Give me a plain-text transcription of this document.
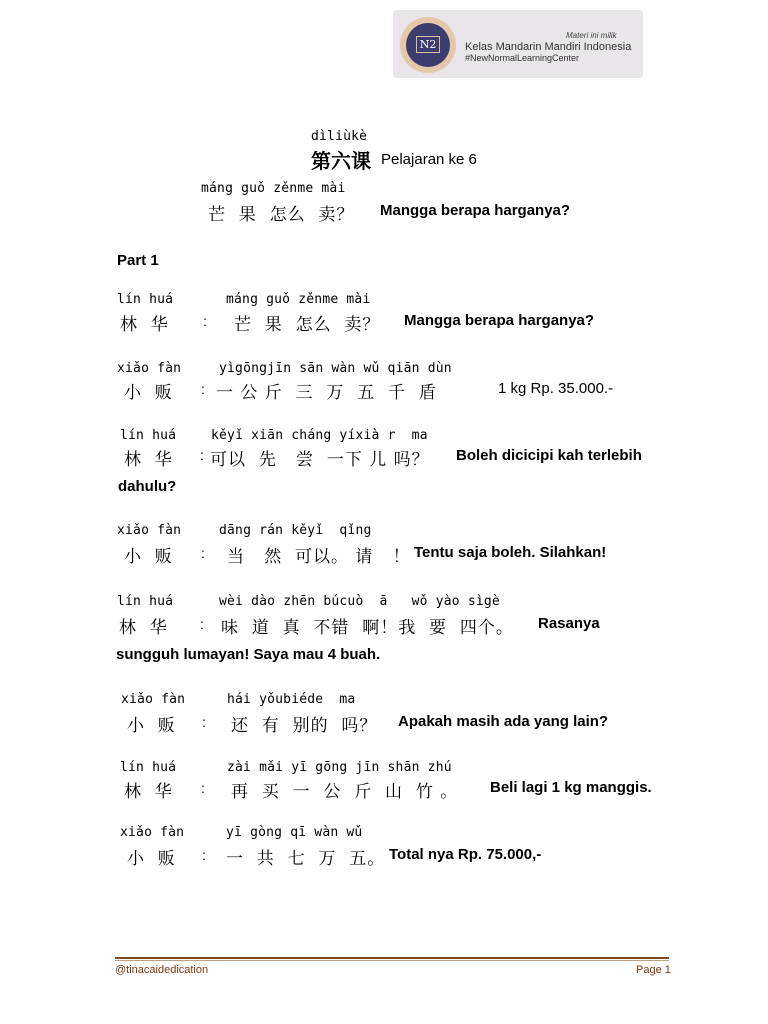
N2
Materi ini milik
Kelas Mandarin Mandiri Indonesia
#NewNormalLearningCenter
dìliùkè
第六课 Pelajaran ke 6
máng guǒ zěnme mài
芒  果  怎么  卖？ Mangga berapa harganya?
Part 1
lín huá	máng guǒ zěnme mài
林  华 : 芒  果  怎么  卖？ Mangga berapa harganya?
xiǎo fàn	yìgōngjīn sān wàn wǔ qiān dùn
小  贩 : 一 公 斤  三  万  五  千  盾	1 kg Rp. 35.000.-
lín huá	kěyǐ xiān cháng yíxià r  ma
林  华 : 可以  先   尝  一下 儿 吗？ Boleh dicicipi kah terlebih
dahulu?
xiǎo fàn	dāng rán kěyǐ  qǐng
小  贩 : 当   然  可以。 请   ！ Tentu saja boleh. Silahkan!
lín huá	wèi dào zhēn búcuò  ā   wǒ yào sìgè
林  华 : 味  道  真  不错  啊！我  要  四个。 Rasanya
sungguh lumayan! Saya mau 4 buah.
xiǎo fàn	hái yǒubiéde  ma
小  贩 : 还  有  别的  吗？ Apakah masih ada yang lain?
lín huá	zài mǎi yī gōng jīn shān zhú
林  华 : 再  买  一  公  斤  山  竹 。 Beli lagi 1 kg manggis.
xiǎo fàn	yī gòng qī wàn wǔ
小  贩 : 一  共  七  万  五。 Total nya Rp. 75.000,-
@tinacaidedication	Page 1
